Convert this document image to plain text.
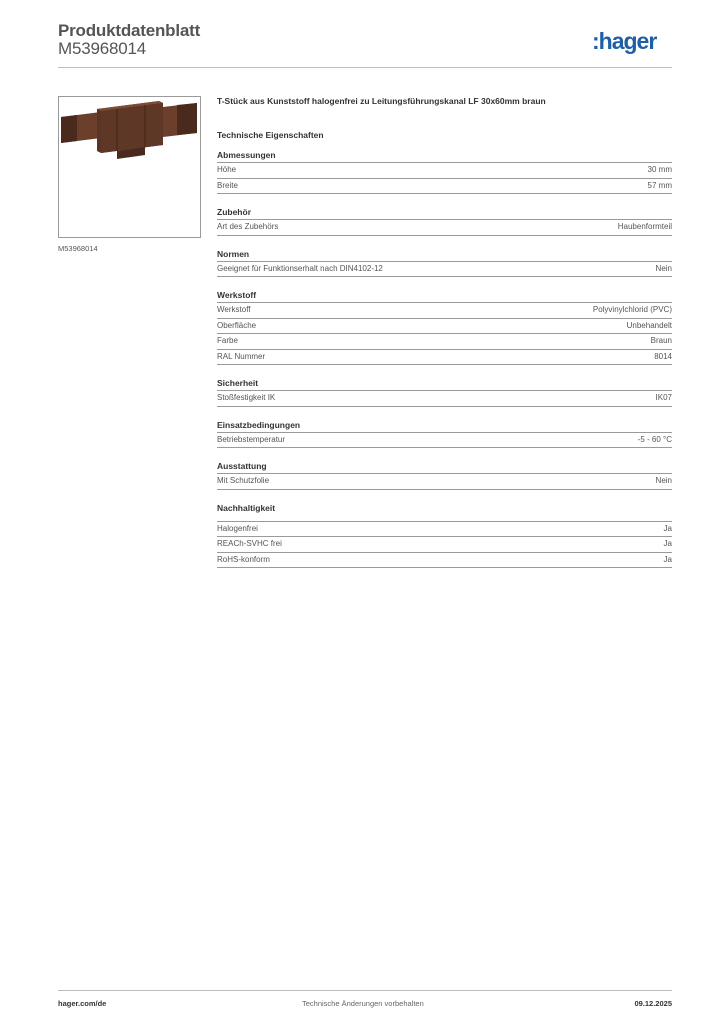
Produktdatenblatt
M53968014	:hager
M53968014
T-Stück aus Kunststoff halogenfrei zu Leitungsführungskanal LF 30x60mm braun
Technische Eigenschaften
Abmessungen
Höhe	30 mm
Breite	57 mm
Zubehör
Art des Zubehörs	Haubenformteil
Normen
Geeignet für Funktionserhalt nach DIN4102-12	Nein
Werkstoff
Werkstoff	Polyvinylchlorid (PVC)
Oberfläche	Unbehandelt
Farbe	Braun
RAL Nummer	8014
Sicherheit
Stoßfestigkeit IK	IK07
Einsatzbedingungen
Betriebstemperatur	-5 - 60 °C
Ausstattung
Mit Schutzfolie	Nein
Nachhaltigkeit
Halogenfrei	Ja
REACh-SVHC frei	Ja
RoHS-konform	Ja
hager.com/de	Technische Änderungen vorbehalten	09.12.2025
